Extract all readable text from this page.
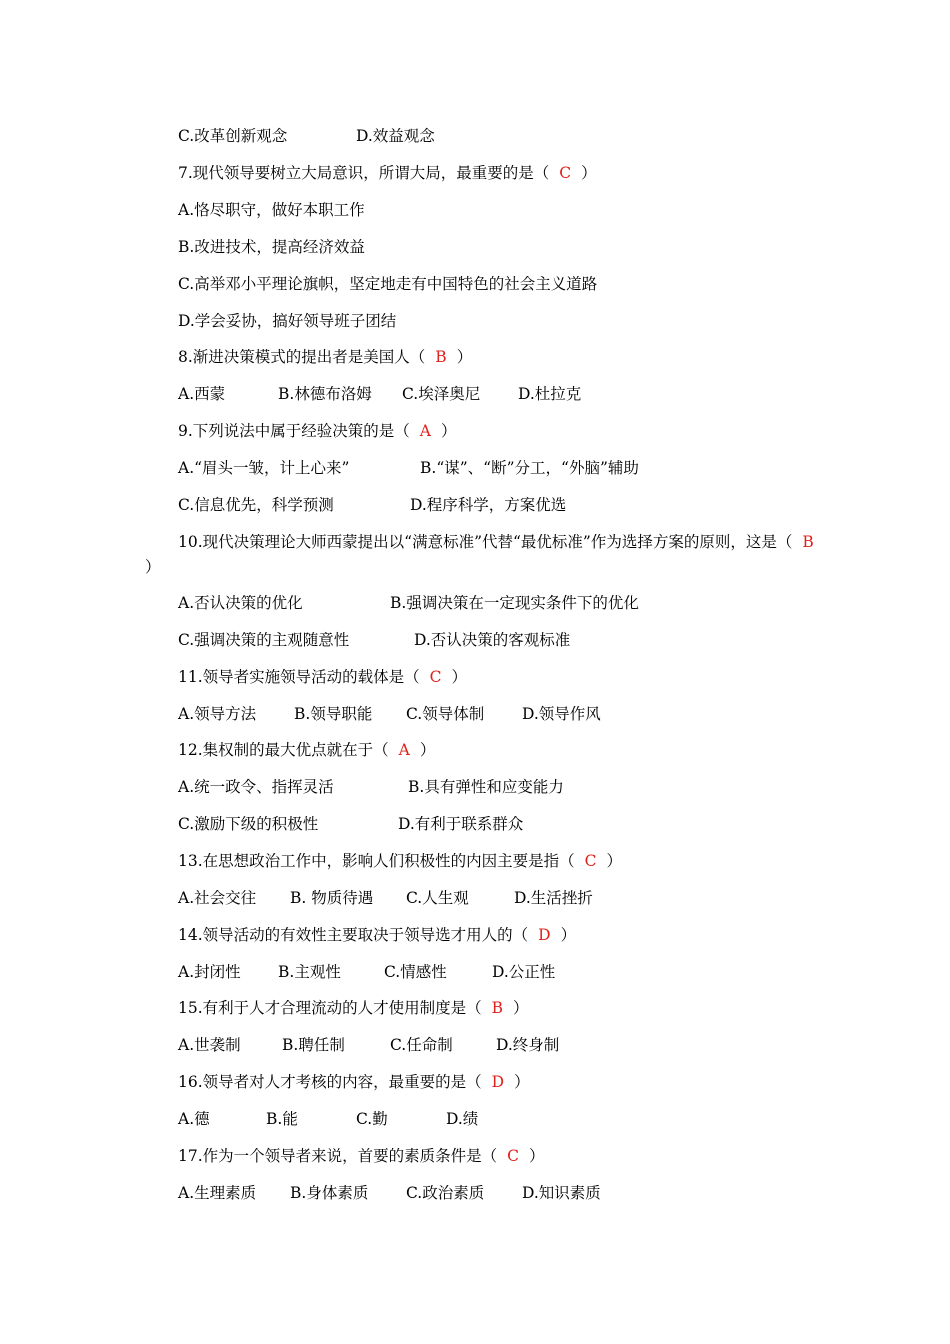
C.改革创新观念	D.效益观念
7.现代领导要树立大局意识，所谓大局，最重要的是（ C ）
A.恪尽职守，做好本职工作
B.改进技术，提高经济效益
C.高举邓小平理论旗帜，坚定地走有中国特色的社会主义道路
D.学会妥协，搞好领导班子团结
8.渐进决策模式的提出者是美国人（ B ）
A.西蒙	B.林德布洛姆 C.埃泽奥尼 D.杜拉克
9.下列说法中属于经验决策的是（ A ）
A.“眉头一皱，计上心来”	B.“谋”、“断”分工，“外脑”辅助
C.信息优先，科学预测	D.程序科学，方案优选
10.现代决策理论大师西蒙提出以“满意标准”代替“最优标准”作为选择方案的原则，这是（ B）
A.否认决策的优化	B.强调决策在一定现实条件下的优化
C.强调决策的主观随意性	D.否认决策的客观标准
11.领导者实施领导活动的载体是（ C ）
A.领导方法 B.领导职能 C.领导体制 D.领导作风
12.集权制的最大优点就在于（ A ）
A.统一政令、指挥灵活	B.具有弹性和应变能力
C.激励下级的积极性	D.有利于联系群众
13.在思想政治工作中，影响人们积极性的内因主要是指（ C ）
A.社会交往 B. 物质待遇 C.人生观	D.生活挫折
14.领导活动的有效性主要取决于领导选才用人的（ D ）
A.封闭性 B.主观性	C.情感性	D.公正性
15.有利于人才合理流动的人才使用制度是（ B ）
A.世袭制	B.聘任制	C.任命制	D.终身制
16.领导者对人才考核的内容，最重要的是（ D ）
A.德	B.能	C.勤	D.绩
17.作为一个领导者来说，首要的素质条件是（ C ）
A.生理素质 B.身体素质 C.政治素质 D.知识素质
